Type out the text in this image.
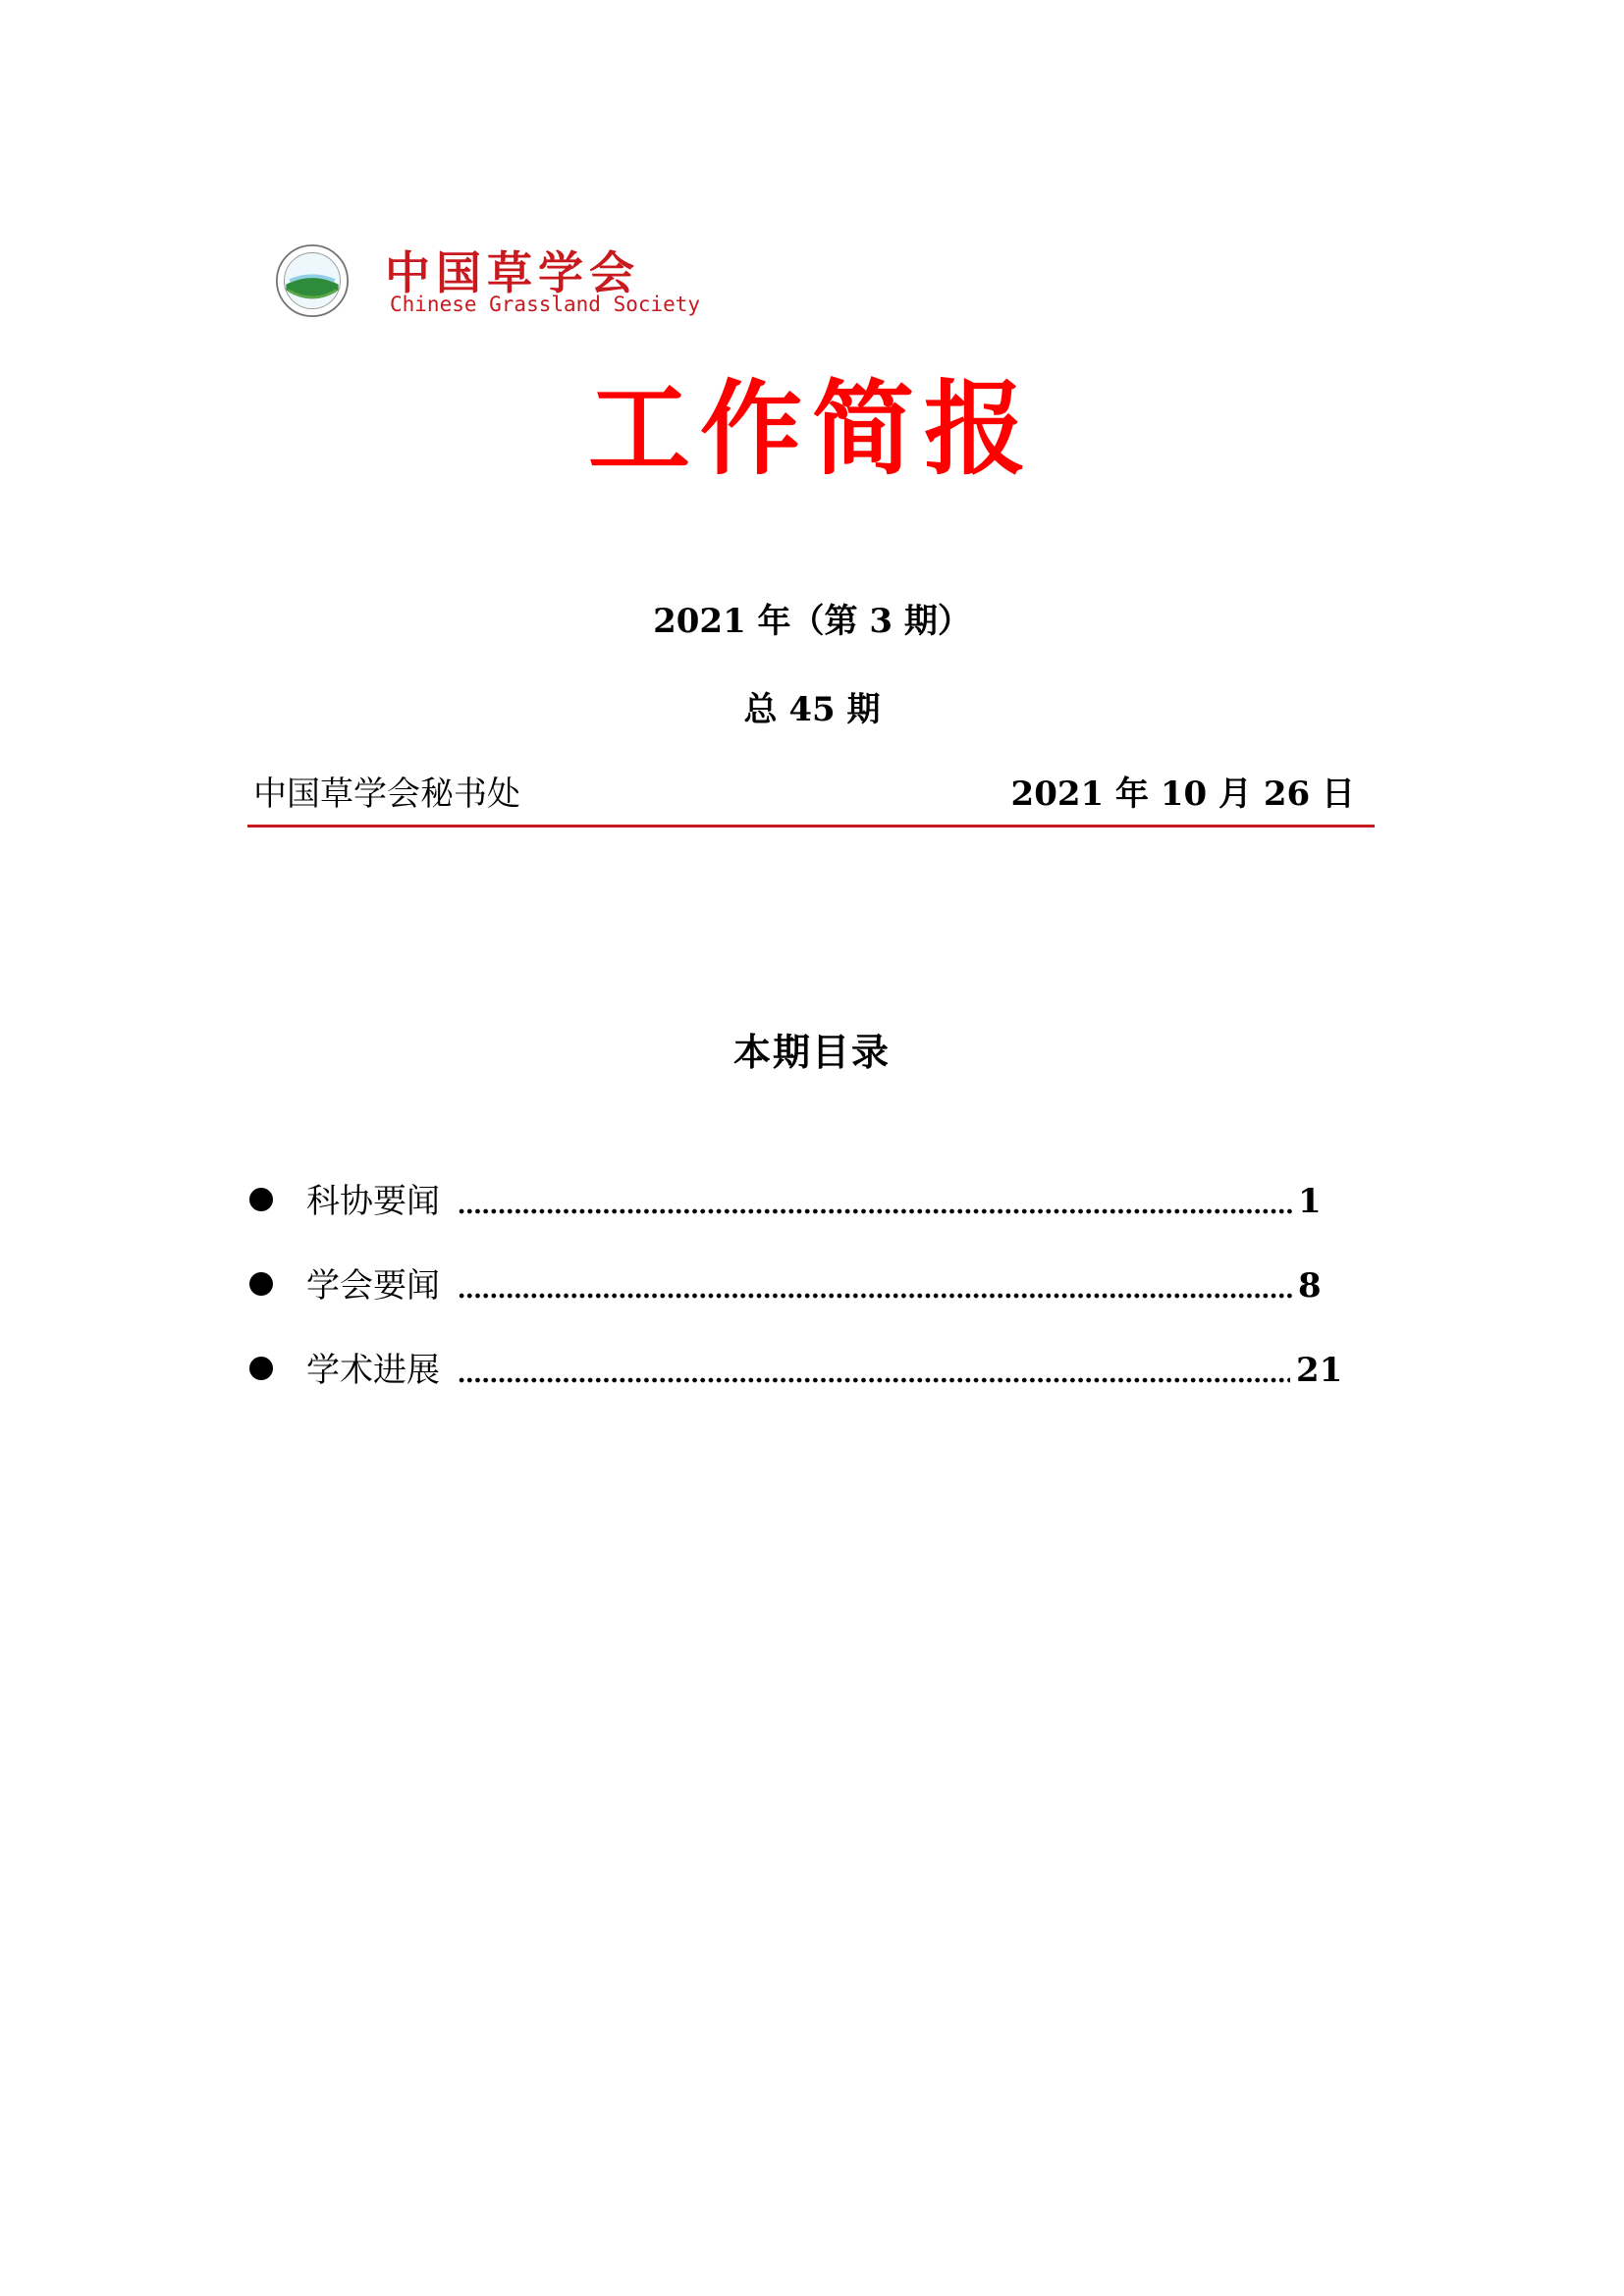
中国草学会
Chinese Grassland Society
工作简报
2021 年（第 3 期）
总 45 期
中国草学会秘书处	2021 年 10 月 26 日
本期目录
科协要闻	1
学会要闻	8
学术进展	21
